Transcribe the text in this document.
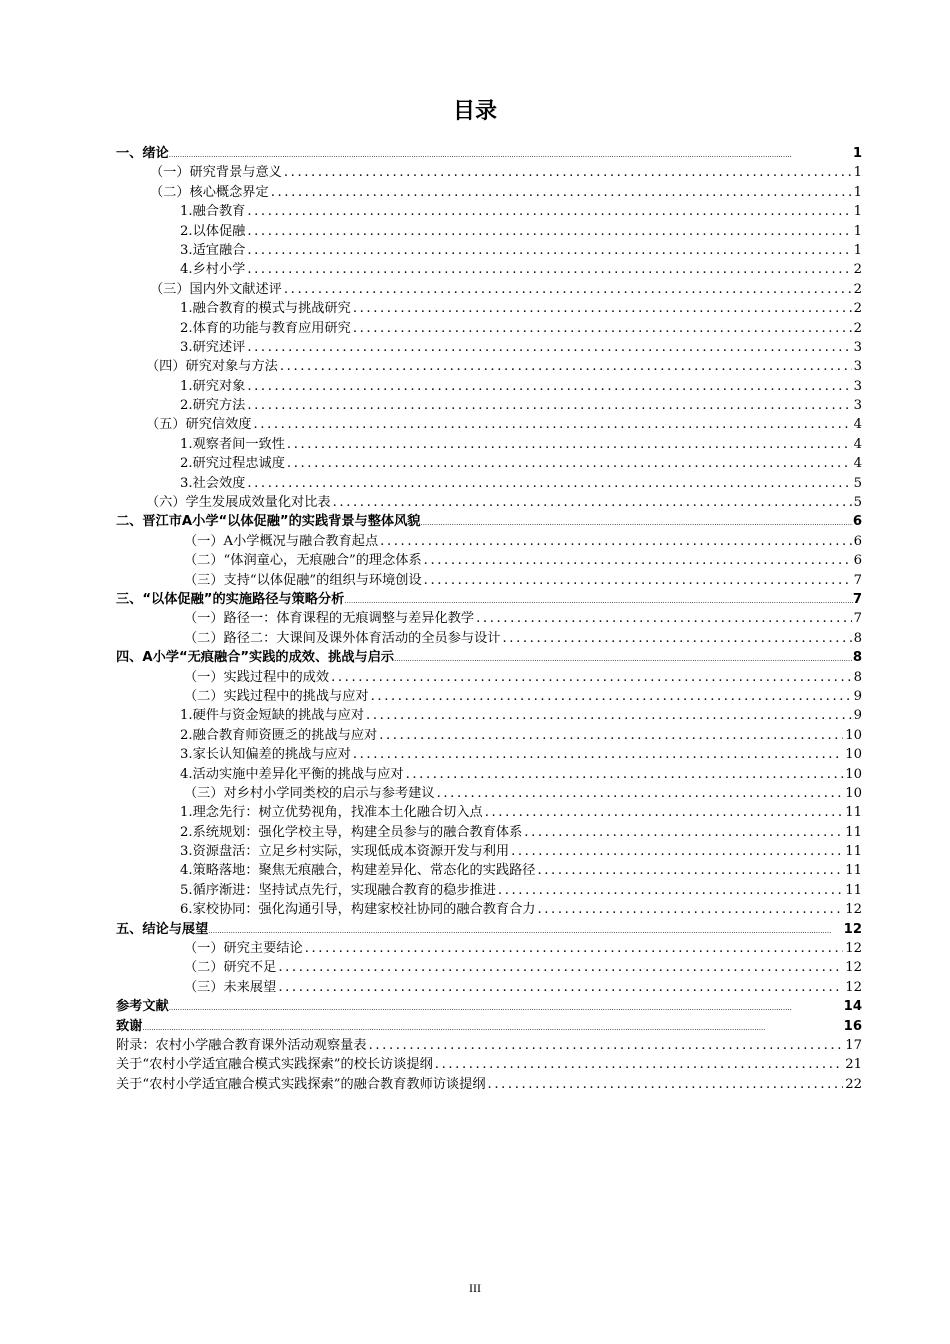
目录
一、绪论 .....	1
（一）研究背景与意义 .....	1
（二）核心概念界定 .....	1
1.融合教育 .....	1
2.以体促融 .....	1
3.适宜融合 .....	1
4.乡村小学 .....	2
（三）国内外文献述评 .....	2
1.融合教育的模式与挑战研究 .....	2
2.体育的功能与教育应用研究 .....	2
3.研究述评 .....	3
（四）研究对象与方法 .....	3
1.研究对象 .....	3
2.研究方法 .....	3
（五）研究信效度 .....	4
1.观察者间一致性 .....	4
2.研究过程忠诚度 .....	4
3.社会效度 .....	5
（六）学生发展成效量化对比表 .....	5
二、晋江市A小学“以体促融”的实践背景与整体风貌 .....	6
（一）A小学概况与融合教育起点 .....	6
（二）“体润童心，无痕融合”的理念体系 .....	6
（三）支持“以体促融”的组织与环境创设 .....	7
三、“以体促融”的实施路径与策略分析 .....	7
（一）路径一：体育课程的无痕调整与差异化教学 .....	7
（二）路径二：大课间及课外体育活动的全员参与设计 .....	8
四、A小学“无痕融合”实践的成效、挑战与启示 .....	8
（一）实践过程中的成效 .....	8
（二）实践过程中的挑战与应对 .....	9
1.硬件与资金短缺的挑战与应对 .....	9
2.融合教育师资匮乏的挑战与应对 .....	10
3.家长认知偏差的挑战与应对 .....	10
4.活动实施中差异化平衡的挑战与应对 .....	10
（三）对乡村小学同类校的启示与参考建议 .....	10
1.理念先行：树立优势视角，找准本土化融合切入点 .....	11
2.系统规划：强化学校主导，构建全员参与的融合教育体系 .....	11
3.资源盘活：立足乡村实际，实现低成本资源开发与利用 .....	11
4.策略落地：聚焦无痕融合，构建差异化、常态化的实践路径 .....	11
5.循序渐进：坚持试点先行，实现融合教育的稳步推进 .....	11
6.家校协同：强化沟通引导，构建家校社协同的融合教育合力 .....	12
五、结论与展望 .....	12
（一）研究主要结论 .....	12
（二）研究不足 .....	12
（三）未来展望 .....	12
参考文献 .....	14
致谢 .....	16
附录：农村小学融合教育课外活动观察量表 .....	17
关于“农村小学适宜融合模式实践探索”的校长访谈提纲 .....	21
关于“农村小学适宜融合模式实践探索”的融合教育教师访谈提纲 .....	22
III
